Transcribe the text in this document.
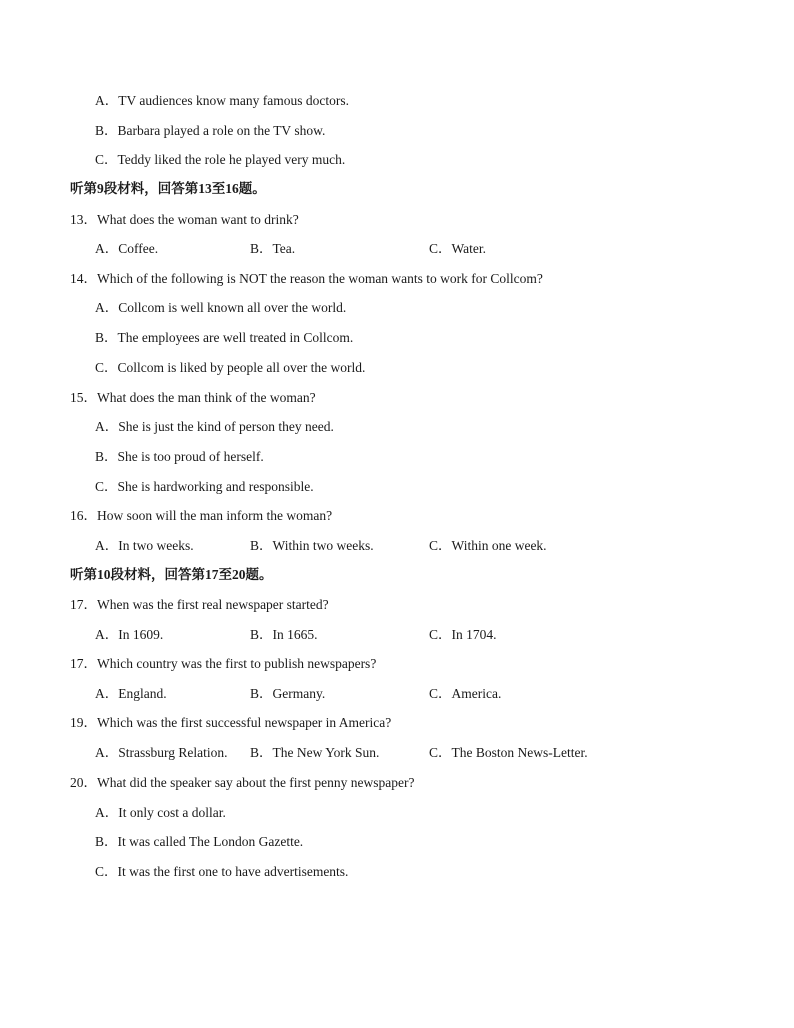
A．TV audiences know many famous doctors.
B．Barbara played a role on the TV show.
C．Teddy liked the role he played very much.
听第9段材料，回答第13至16题。
13．What does the woman want to drink?
A．Coffee.	B．Tea.	C．Water.
14．Which of the following is NOT the reason the woman wants to work for Collcom?
A．Collcom is well known all over the world.
B．The employees are well treated in Collcom.
C．Collcom is liked by people all over the world.
15．What does the man think of the woman?
A．She is just the kind of person they need.
B．She is too proud of herself.
C．She is hardworking and responsible.
16．How soon will the man inform the woman?
A．In two weeks.	B．Within two weeks.	C．Within one week.
听第10段材料，回答第17至20题。
17．When was the first real newspaper started?
A．In 1609.	B．In 1665.	C．In 1704.
17．Which country was the first to publish newspapers?
A．England.	B．Germany.	C．America.
19．Which was the first successful newspaper in America?
A．Strassburg Relation. B．The New York Sun.	C．The Boston News-Letter.
20．What did the speaker say about the first penny newspaper?
A．It only cost a dollar.
B．It was called The London Gazette.
C．It was the first one to have advertisements.
